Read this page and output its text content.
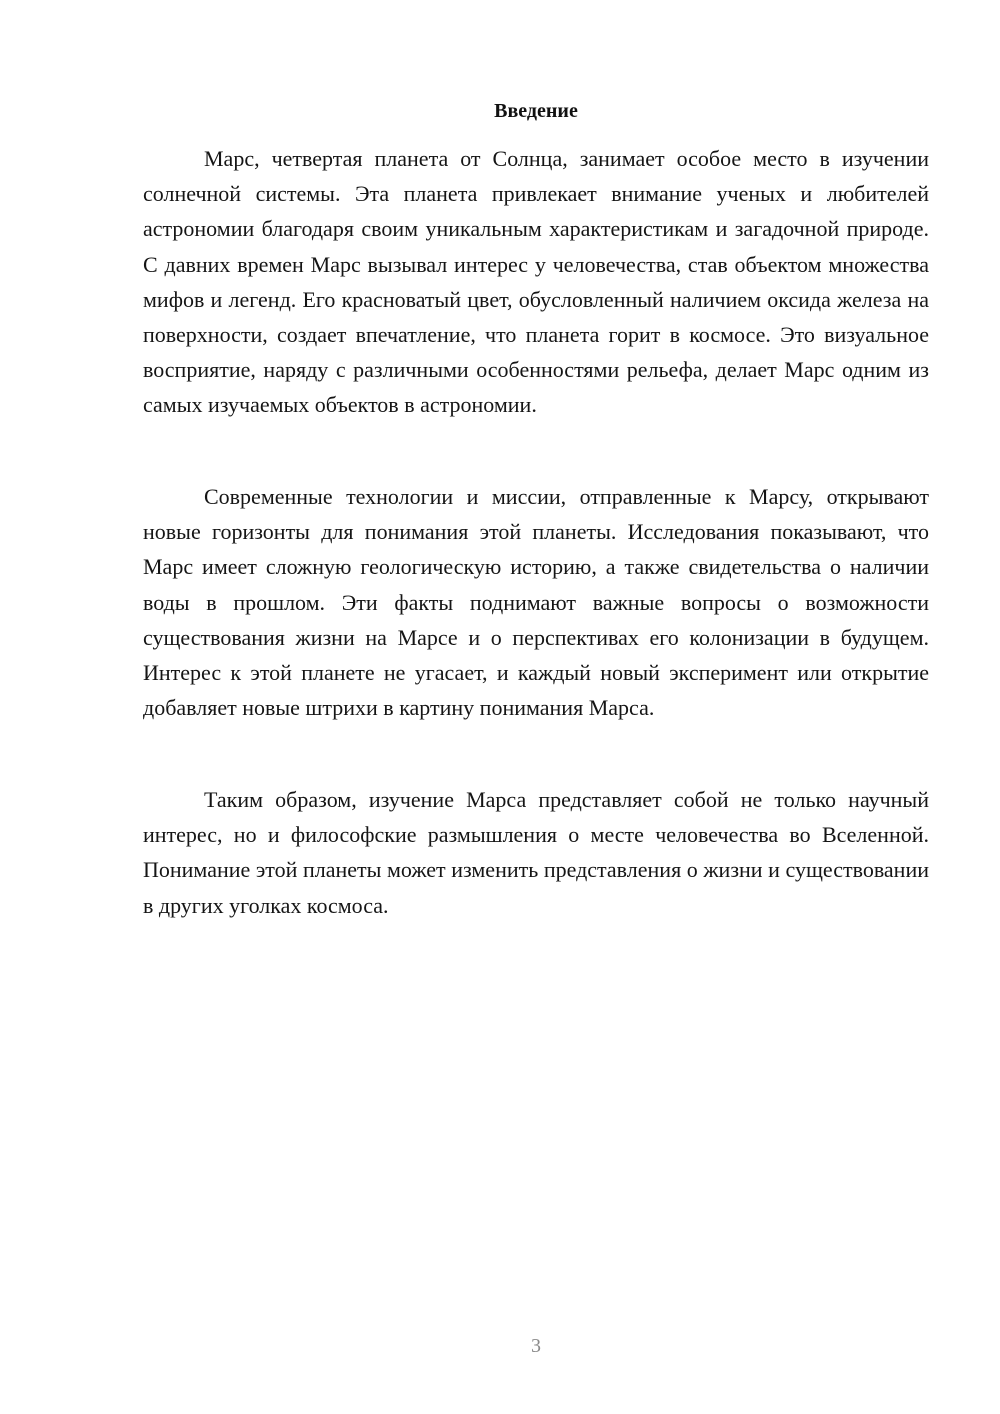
Введение

Марс, четвертая планета от Солнца, занимает особое место в изучении солнечной системы. Эта планета привлекает внимание ученых и любителей астрономии благодаря своим уникальным характеристикам и загадочной природе. С давних времен Марс вызывал интерес у человечества, став объектом множества мифов и легенд. Его красноватый цвет, обусловленный наличием оксида железа на поверхности, создает впечатление, что планета горит в космосе. Это визуальное восприятие, наряду с различными особенностями рельефа, делает Марс одним из самых изучаемых объектов в астрономии.

Современные технологии и миссии, отправленные к Марсу, открывают новые горизонты для понимания этой планеты. Исследования показывают, что Марс имеет сложную геологическую историю, а также свидетельства о наличии воды в прошлом. Эти факты поднимают важные вопросы о возможности существования жизни на Марсе и о перспективах его колонизации в будущем. Интерес к этой планете не угасает, и каждый новый эксперимент или открытие добавляет новые штрихи в картину понимания Марса.

Таким образом, изучение Марса представляет собой не только научный интерес, но и философские размышления о месте человечества во Вселенной. Понимание этой планеты может изменить представления о жизни и существовании в других уголках космоса.

3
